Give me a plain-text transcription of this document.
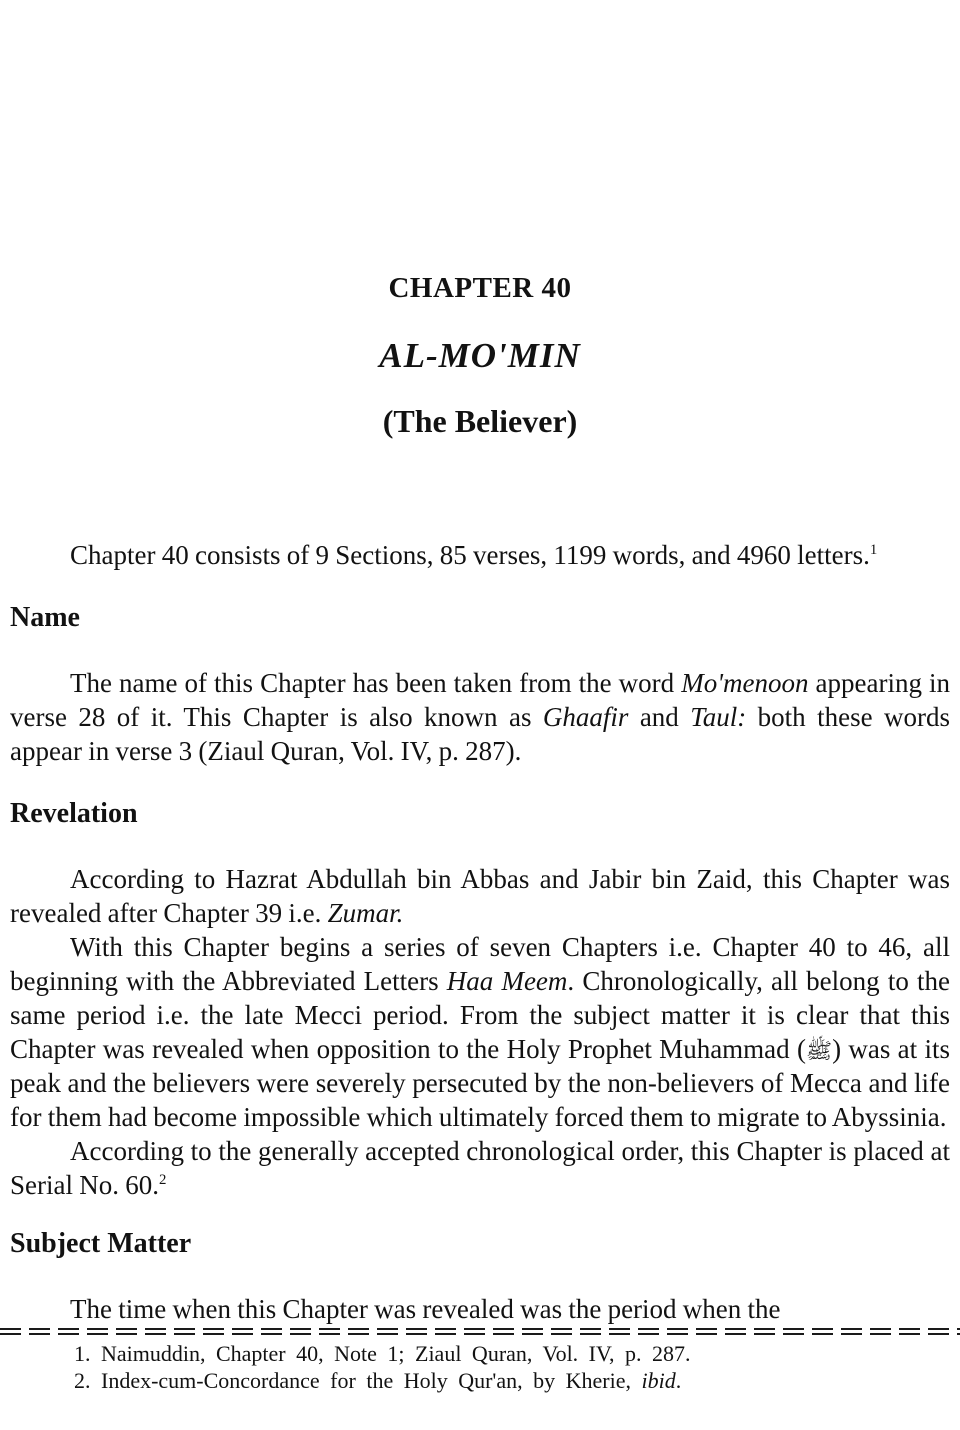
CHAPTER 40
AL-MO'MIN
(The Believer)

Chapter 40 consists of 9 Sections, 85 verses, 1199 words, and 4960 letters.$^1$

Name

The name of this Chapter has been taken from the word Mo'menoon appearing in verse 28 of it. This Chapter is also known as Ghaafir and Taul: both these words appear in verse 3 (Ziaul Quran, Vol. IV, p. 287).

Revelation

According to Hazrat Abdullah bin Abbas and Jabir bin Zaid, this Chapter was revealed after Chapter 39 i.e. Zumar.

With this Chapter begins a series of seven Chapters i.e. Chapter 40 to 46, all beginning with the Abbreviated Letters Haa Meem. Chronologically, all belong to the same period i.e. the late Mecci period. From the subject matter it is clear that this Chapter was revealed when opposition to the Holy Prophet Muhammad (ﷺ) was at its peak and the believers were severely persecuted by the non-believers of Mecca and life for them had become impossible which ultimately forced them to migrate to Abyssinia.

According to the generally accepted chronological order, this Chapter is placed at Serial No. 60.$^2$

Subject Matter

The time when this Chapter was revealed was the period when the

1. Naimuddin, Chapter 40, Note 1; Ziaul Quran, Vol. IV, p. 287.

2. Index-cum-Concordance for the Holy Qur'an, by Kherie, ibid.
